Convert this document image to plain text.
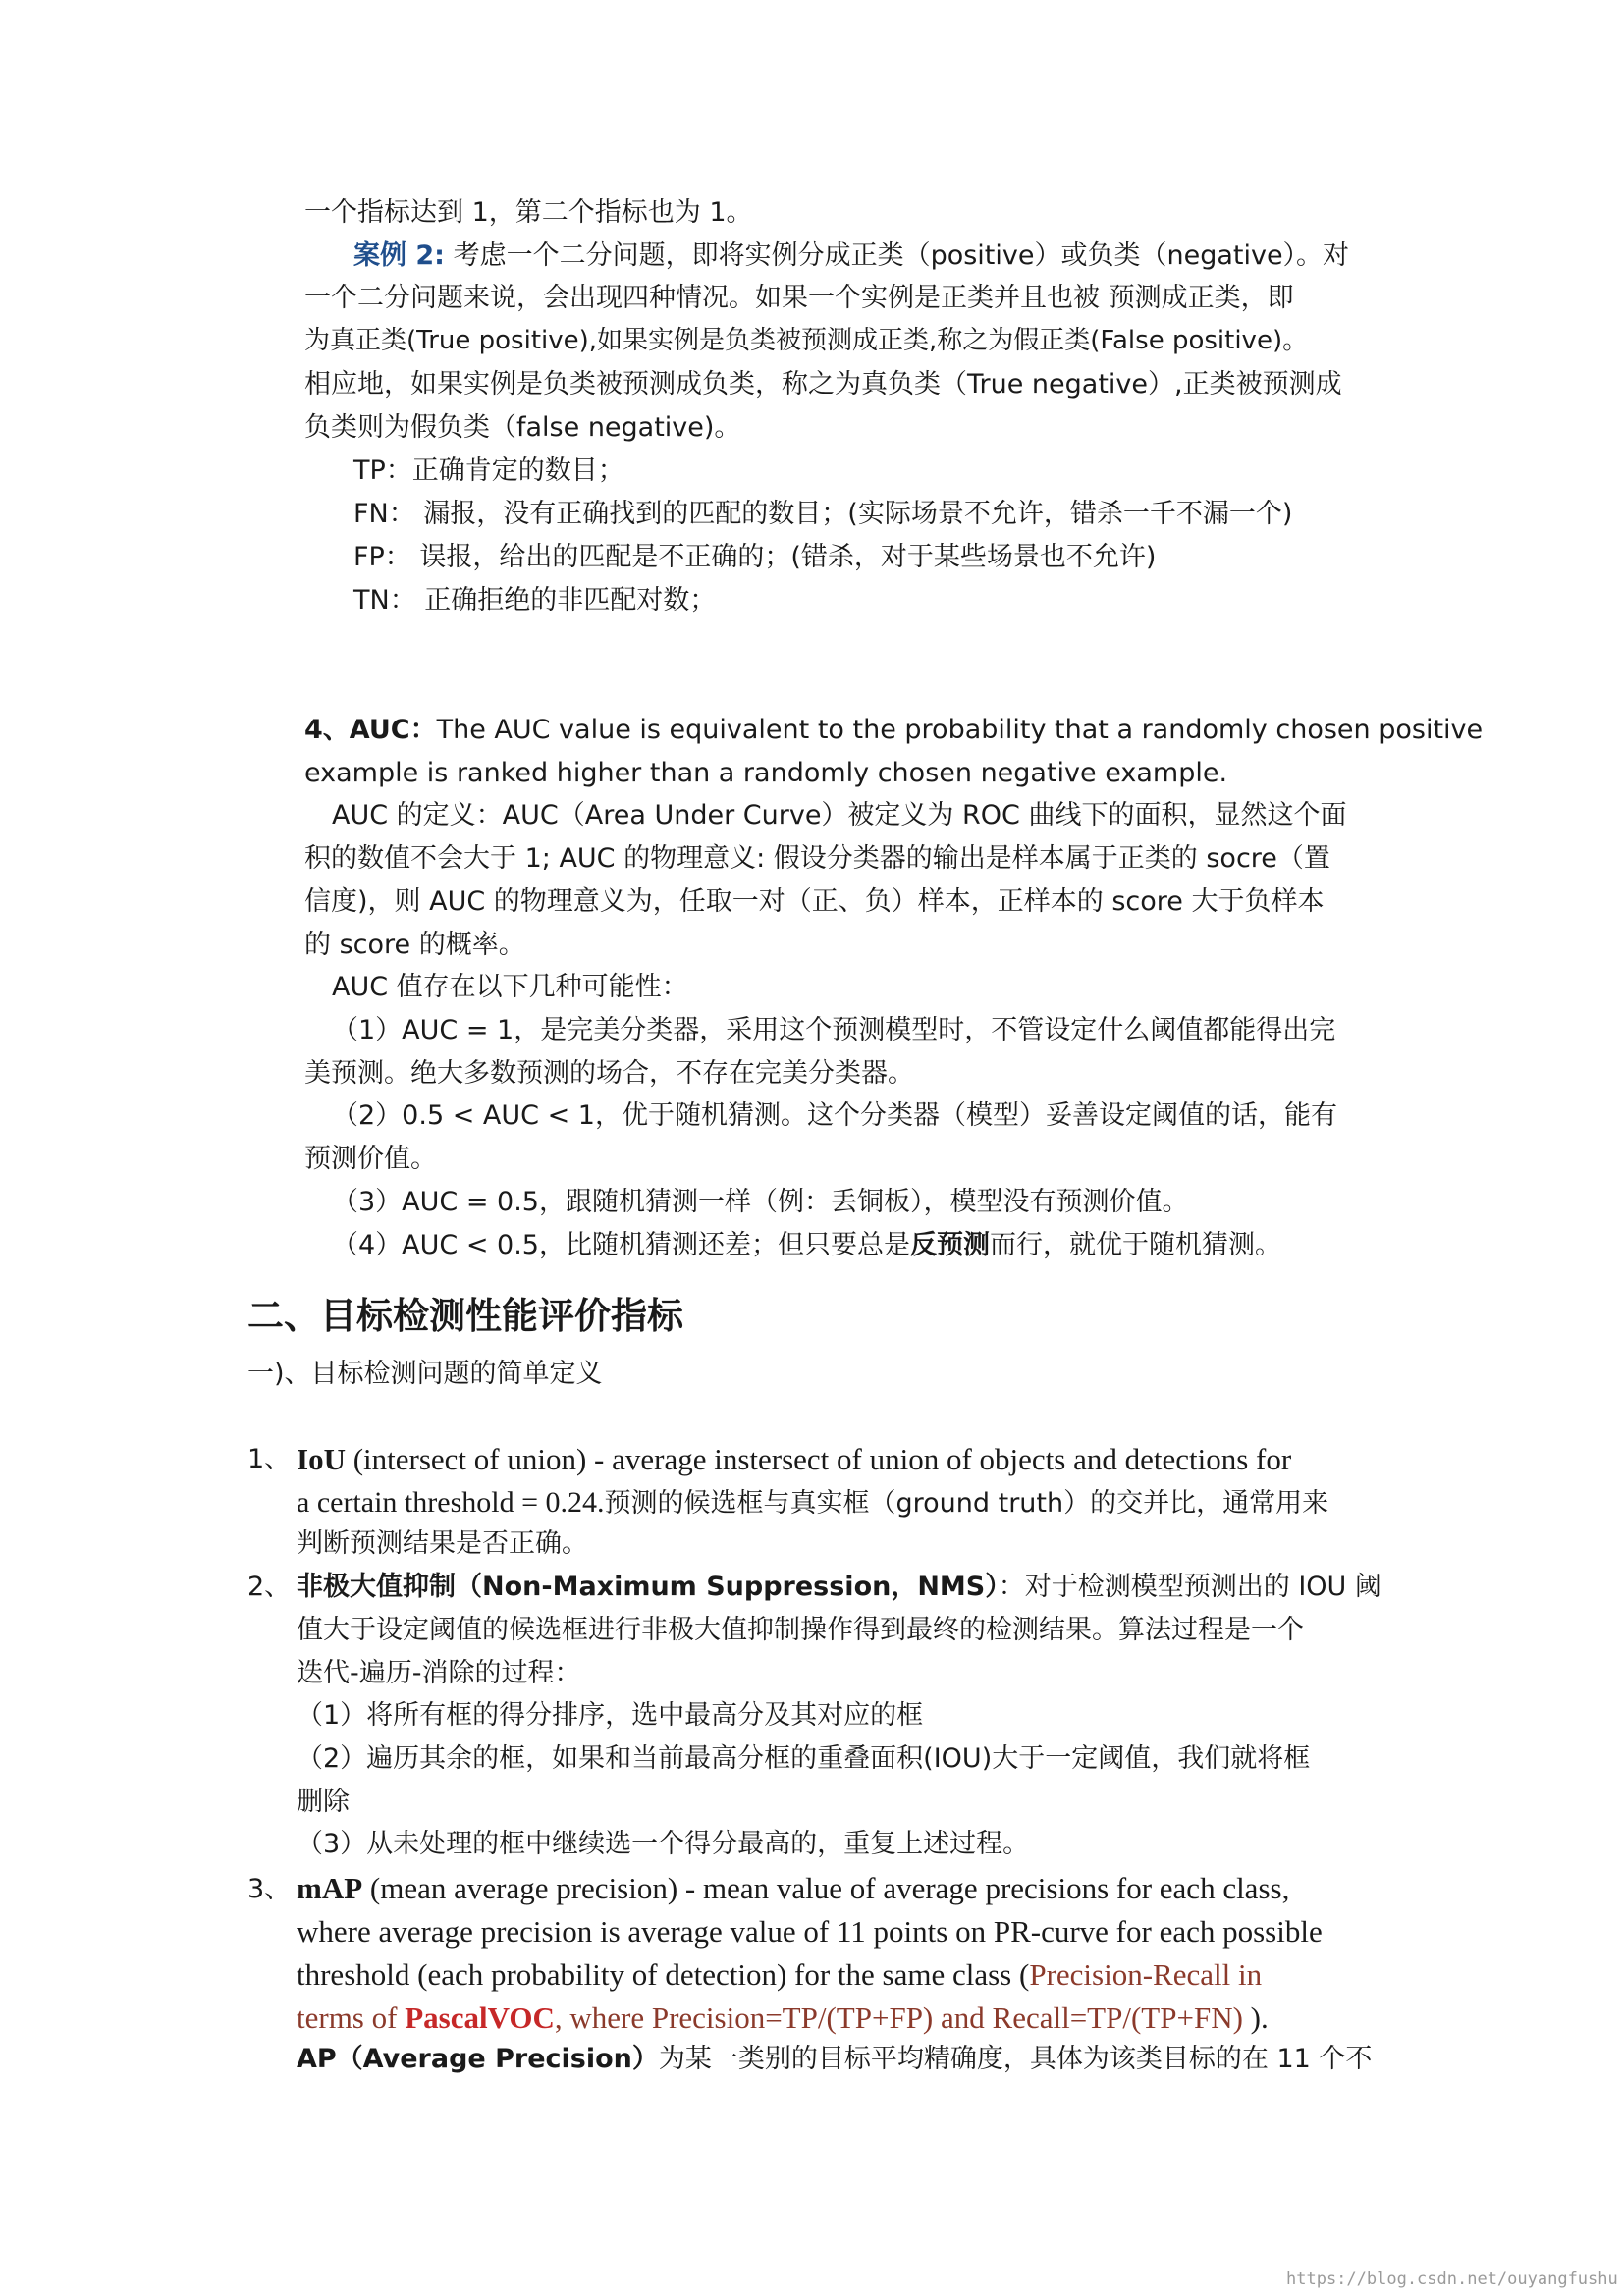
一个指标达到 1，第二个指标也为 1。
案例 2: 考虑一个二分问题，即将实例分成正类（positive）或负类（negative）。对
一个二分问题来说，会出现四种情况。如果一个实例是正类并且也被 预测成正类，即
为真正类(True positive),如果实例是负类被预测成正类,称之为假正类(False positive)。
相应地，如果实例是负类被预测成负类，称之为真负类（True negative）,正类被预测成
负类则为假负类（false negative)。
TP：正确肯定的数目；
FN： 漏报，没有正确找到的匹配的数目；(实际场景不允许，错杀一千不漏一个)
FP： 误报，给出的匹配是不正确的；(错杀，对于某些场景也不允许)
TN： 正确拒绝的非匹配对数；
4、AUC：The AUC value is equivalent to the probability that a randomly chosen positive
example is ranked higher than a randomly chosen negative example.
AUC 的定义：AUC（Area Under Curve）被定义为 ROC 曲线下的面积，显然这个面
积的数值不会大于 1; AUC 的物理意义: 假设分类器的输出是样本属于正类的 socre（置
信度)，则 AUC 的物理意义为，任取一对（正、负）样本，正样本的 score 大于负样本
的 score 的概率。
AUC 值存在以下几种可能性：
（1）AUC = 1，是完美分类器，采用这个预测模型时，不管设定什么阈值都能得出完
美预测。绝大多数预测的场合，不存在完美分类器。
（2）0.5 < AUC < 1，优于随机猜测。这个分类器（模型）妥善设定阈值的话，能有
预测价值。
（3）AUC = 0.5，跟随机猜测一样（例：丢铜板），模型没有预测价值。
（4）AUC < 0.5，比随机猜测还差；但只要总是反预测而行，就优于随机猜测。
二、目标检测性能评价指标
一)、目标检测问题的简单定义
1、 IoU (intersect of union) - average instersect of union of objects and detections for
a certain threshold = 0.24.预测的候选框与真实框（ground truth）的交并比，通常用来
判断预测结果是否正确。
2、 非极大值抑制（Non-Maximum Suppression，NMS）：对于检测模型预测出的 IOU 阈
值大于设定阈值的候选框进行非极大值抑制操作得到最终的检测结果。算法过程是一个
迭代-遍历-消除的过程：
（1）将所有框的得分排序，选中最高分及其对应的框
（2）遍历其余的框，如果和当前最高分框的重叠面积(IOU)大于一定阈值，我们就将框
删除
（3）从未处理的框中继续选一个得分最高的，重复上述过程。
3、 mAP (mean average precision) - mean value of average precisions for each class,
where average precision is average value of 11 points on PR-curve for each possible
threshold (each probability of detection) for the same class (Precision-Recall in
terms of PascalVOC, where Precision=TP/(TP+FP) and Recall=TP/(TP+FN) ).
AP（Average Precision）为某一类别的目标平均精确度，具体为该类目标的在 11 个不
https://blog.csdn.net/ouyangfushu
